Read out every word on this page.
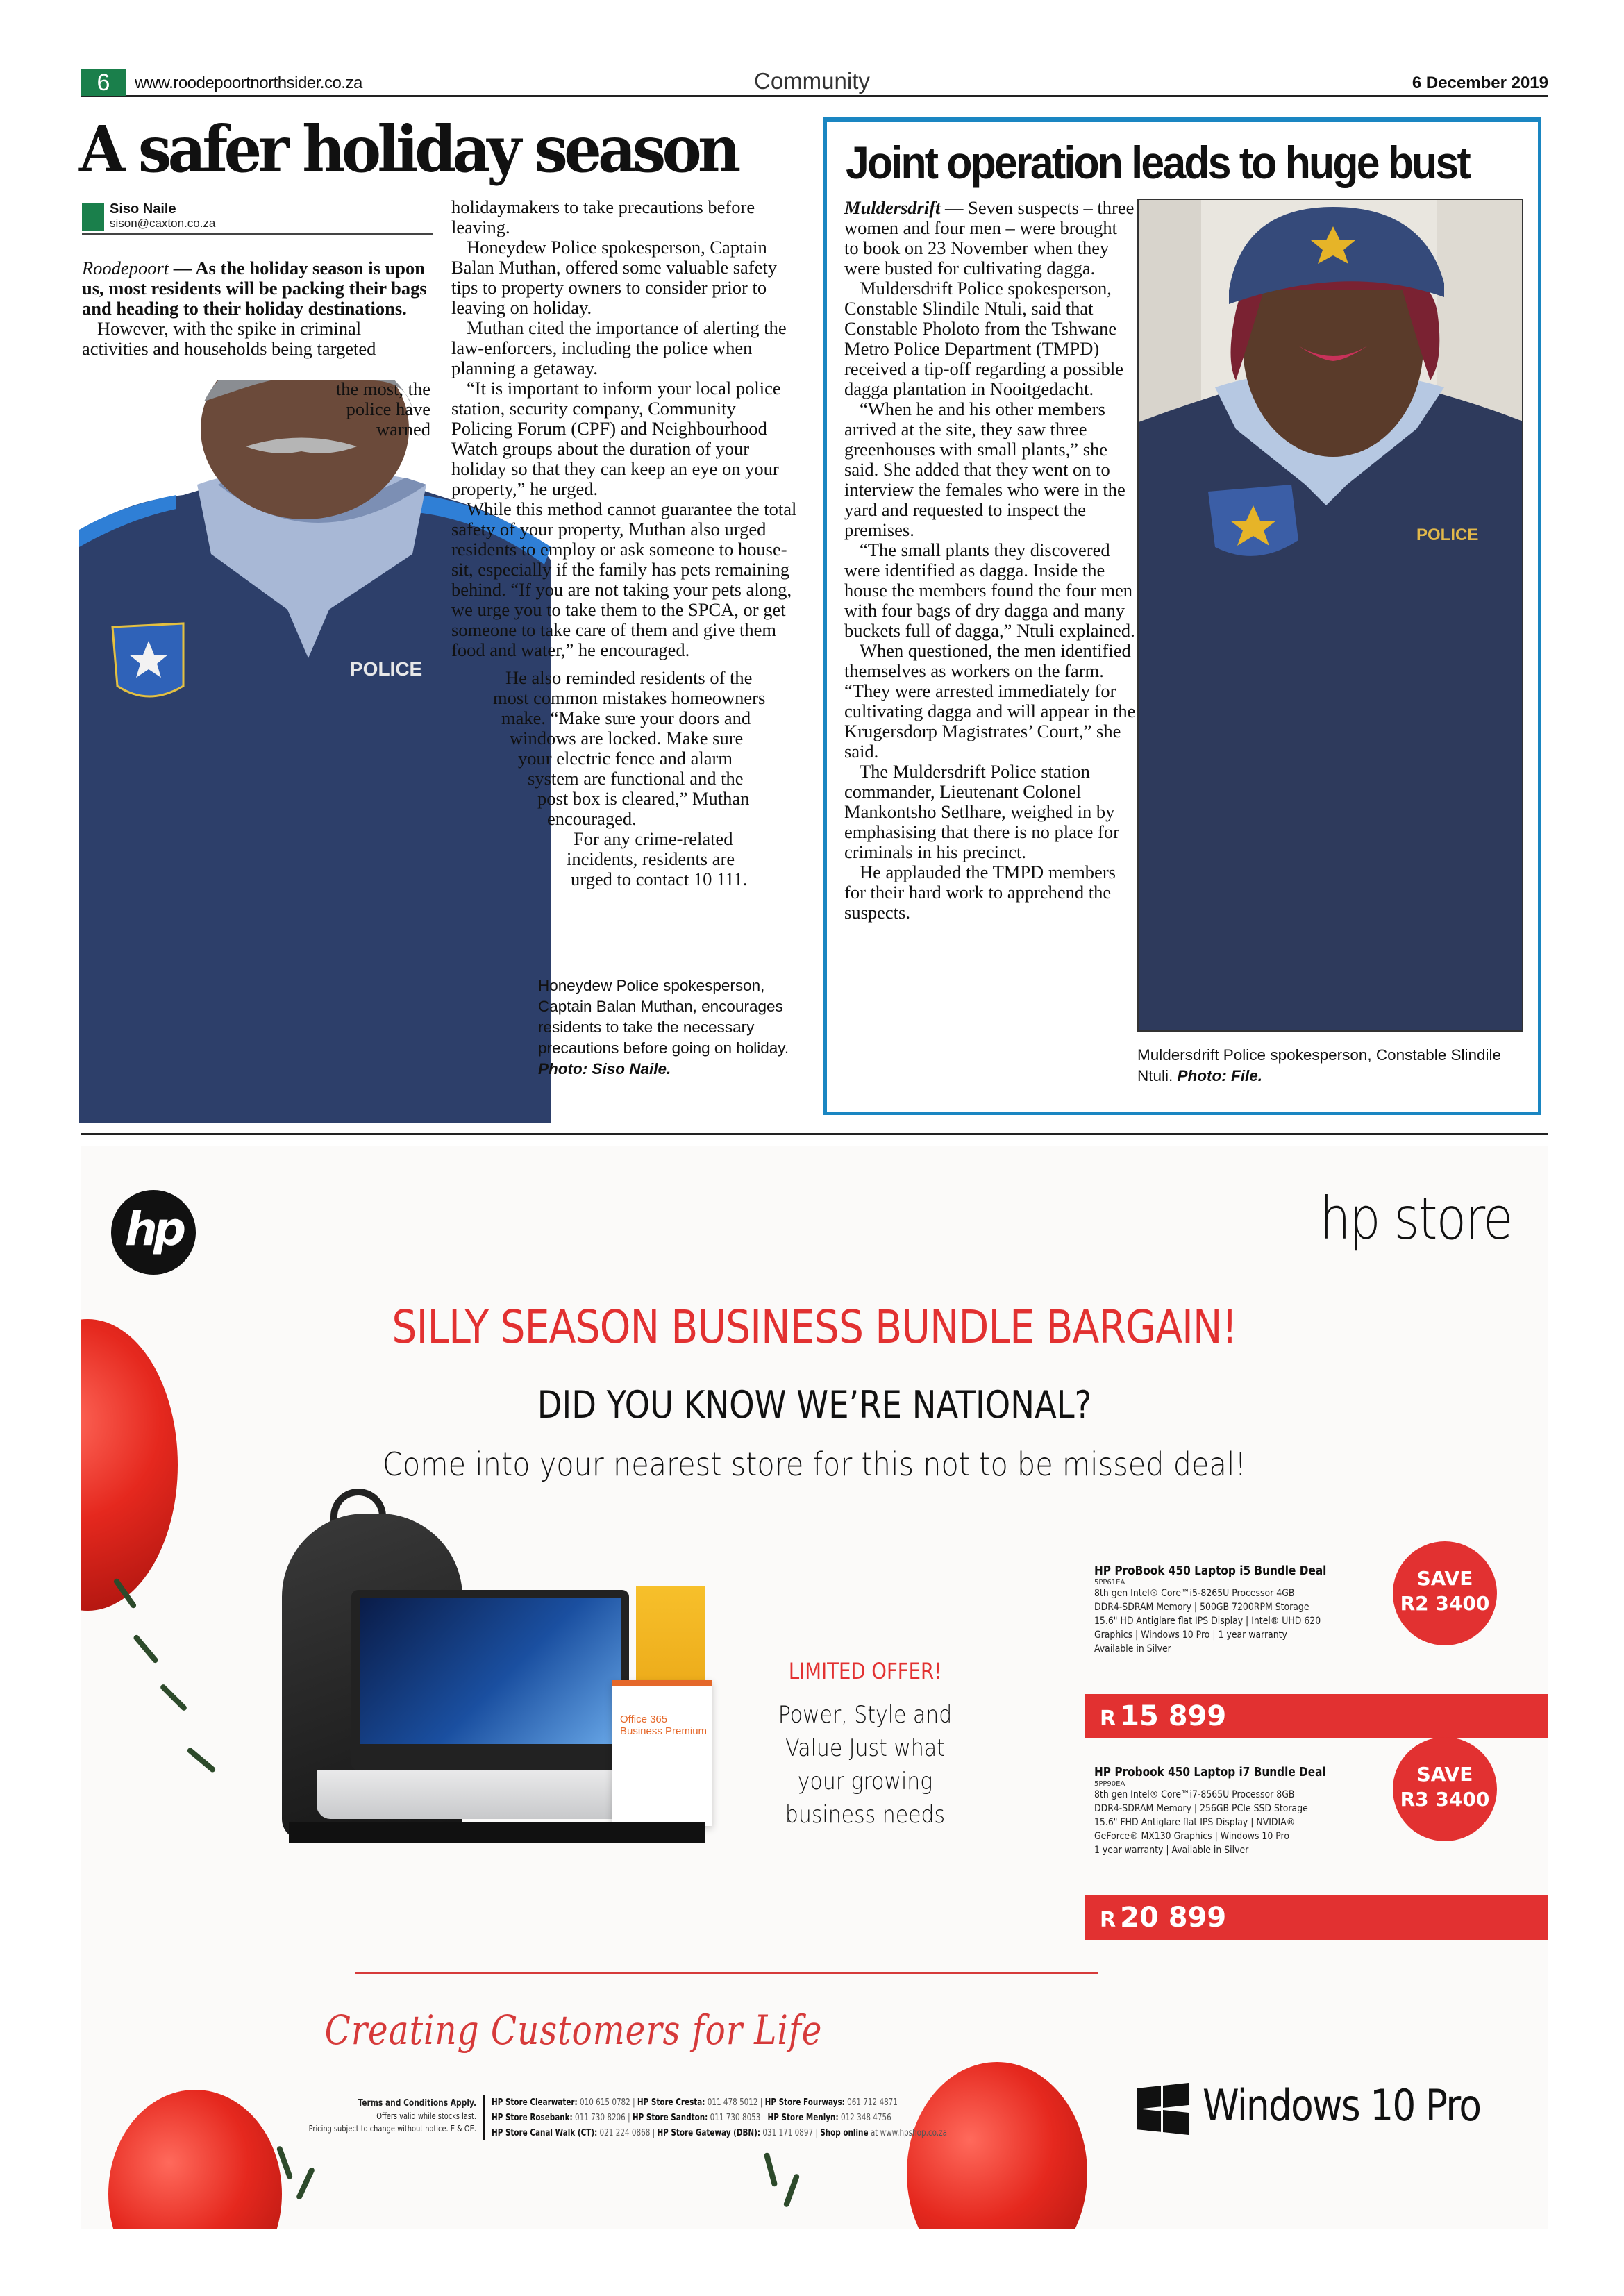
6	www.roodepoortnorthsider.co.za	Community	6 December 2019
A safer holiday season
Siso Naile
sison@caxton.co.za
POLICE

Roodepoort — As the holiday season is upon us, most residents will be packing their bags and heading to their holiday destinations.

However, with the spike in criminal activities and households being targeted

the most, the police have warned

holidaymakers to take precautions before leaving.

Honeydew Police spokesperson, Captain Balan Muthan, offered some valuable safety tips to property owners to consider prior to leaving on holiday.

Muthan cited the importance of alerting the law-enforcers, including the police when planning a getaway.

“It is important to inform your local police station, security company, Community Policing Forum (CPF) and Neighbourhood Watch groups about the duration of your holiday so that they can keep an eye on your property,” he urged.

While this method cannot guarantee the total safety of your property, Muthan also urged residents to employ or ask someone to house-sit, especially if the family has pets remaining behind. “If you are not taking your pets along, we urge you to take them to the SPCA, or get someone to take care of them and give them food and water,” he encouraged.

He also reminded residents of the

most common mistakes homeowners

make. “Make sure your doors and

windows are locked. Make sure

your electric fence and alarm

system are functional and the

post box is cleared,” Muthan

encouraged.

For any crime-related

incidents, residents are

urged to contact 10 111.

Honeydew Police spokesperson, Captain Balan Muthan, encourages residents to take the necessary precautions before going on holiday. Photo: Siso Naile.
Joint operation leads to huge bust

Muldersdrift — Seven suspects – three women and four men – were brought to book on 23 November when they were busted for cultivating dagga.

Muldersdrift Police spokesperson, Constable Slindile Ntuli, said that Constable Pholoto from the Tshwane Metro Police Department (TMPD) received a tip-off regarding a possible dagga plantation in Nooitgedacht.

“When he and his other members arrived at the site, they saw three greenhouses with small plants,” she said. She added that they went on to interview the females who were in the yard and requested to inspect the premises.

“The small plants they discovered were identified as dagga. Inside the house the members found the four men with four bags of dry dagga and many buckets full of dagga,” Ntuli explained.

When questioned, the men identified themselves as workers on the farm. “They were arrested immediately for cultivating dagga and will appear in the Krugersdorp Magistrates’ Court,” she said.

The Muldersdrift Police station commander, Lieutenant Colonel Mankontsho Setlhare, weighed in by emphasising that there is no place for criminals in his precinct.

He applauded the TMPD members for their hard work to apprehend the suspects.

POLICE
Muldersdrift Police spokesperson, Constable Slindile Ntuli. Photo: File.
hp	hp store
SILLY SEASON BUSINESS BUNDLE BARGAIN!
DID YOU KNOW WE’RE NATIONAL?
Come into your nearest store for this not to be missed deal!
Office 365 Business Premium
LIMITED OFFER!
Power, Style and Value Just what your growing business needs
HP ProBook 450 Laptop i5 Bundle Deal
5PP61EA
8th gen Intel® Core™i5-8265U Processor 4GB
DDR4-SDRAM Memory | 500GB 7200RPM Storage
15.6" HD Antiglare flat IPS Display | Intel® UHD 620
Graphics | Windows 10 Pro | 1 year warranty
Available in Silver
SAVE
R2 3400
R 15 899
HP Probook 450 Laptop i7 Bundle Deal
5PP90EA
8th gen Intel® Core™i7-8565U Processor 8GB
DDR4-SDRAM Memory | 256GB PCIe SSD Storage
15.6" FHD Antiglare flat IPS Display | NVIDIA®
GeForce® MX130 Graphics | Windows 10 Pro
1 year warranty | Available in Silver
SAVE
R3 3400
R 20 899
Creating Customers for Life
Terms and Conditions Apply.
Offers valid while stocks last.
Pricing subject to change without notice. E & OE.
HP Store Clearwater: 010 615 0782 | HP Store Cresta: 011 478 5012 | HP Store Fourways: 061 712 4871
HP Store Rosebank: 011 730 8206 | HP Store Sandton: 011 730 8053 | HP Store Menlyn: 012 348 4756
HP Store Canal Walk (CT): 021 224 0868 | HP Store Gateway (DBN): 031 171 0897 | Shop online at www.hpshop.co.za
Windows 10 Pro
